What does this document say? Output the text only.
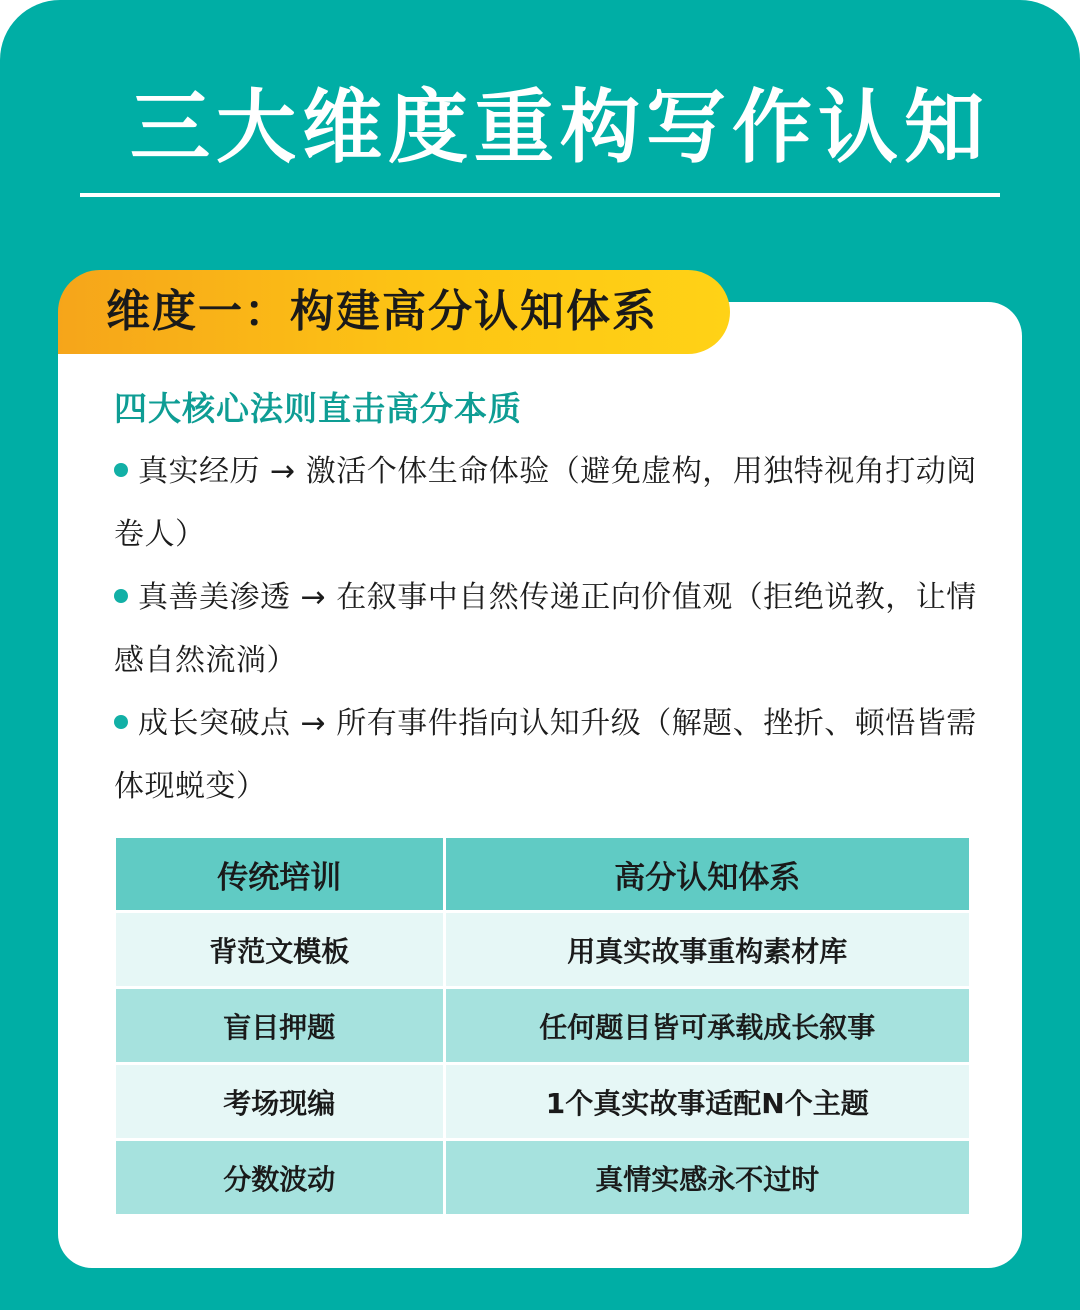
三大维度重构写作认知
维度一：构建高分认知体系
四大核心法则直击高分本质
真实经历 → 激活个体生命体验（避免虚构，用独特视角打动阅卷人）
真善美渗透 → 在叙事中自然传递正向价值观（拒绝说教，让情感自然流淌）
成长突破点 → 所有事件指向认知升级（解题、挫折、顿悟皆需体现蜕变）
传统培训	高分认知体系
背范文模板	用真实故事重构素材库
盲目押题	任何题目皆可承载成长叙事
考场现编	1个真实故事适配N个主题
分数波动	真情实感永不过时
